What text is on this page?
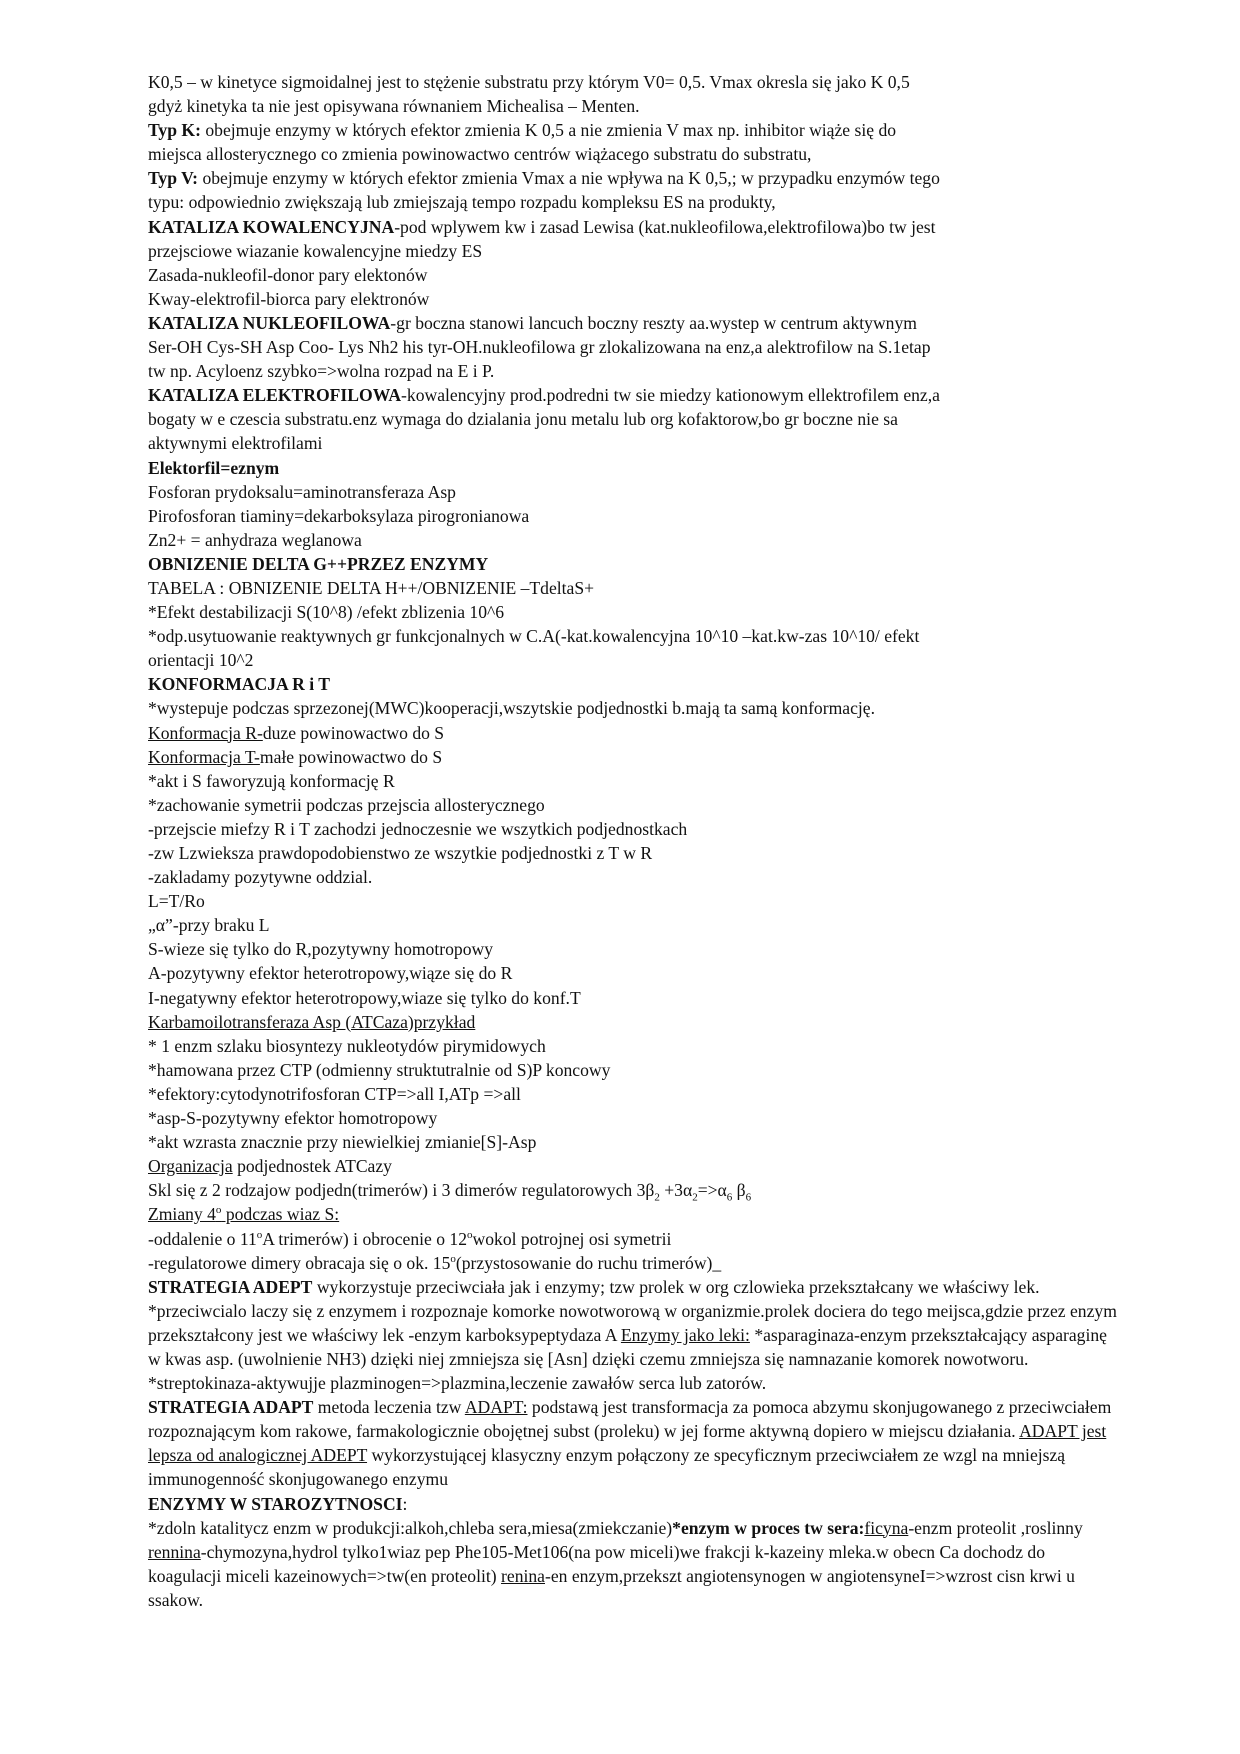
K0,5 – w kinetyce sigmoidalnej jest to stężenie substratu przy którym V0= 0,5. Vmax okresla się jako K 0,5
gdyż kinetyka ta nie jest opisywana równaniem Michealisa – Menten.
Typ K: obejmuje enzymy w których efektor zmienia K 0,5 a nie zmienia V max np. inhibitor wiąże się do
miejsca allosterycznego co zmienia powinowactwo centrów wiążacego substratu do substratu,
Typ V: obejmuje enzymy w których efektor zmienia Vmax a nie wpływa na K 0,5,; w przypadku enzymów tego
typu: odpowiednio zwiększają lub zmiejszają tempo rozpadu kompleksu ES na produkty,
KATALIZA KOWALENCYJNA-pod wplywem kw i zasad Lewisa (kat.nukleofilowa,elektrofilowa)bo tw jest
przejsciowe wiazanie kowalencyjne miedzy ES
Zasada-nukleofil-donor pary elektonów
Kway-elektrofil-biorca pary elektronów
KATALIZA NUKLEOFILOWA-gr boczna stanowi lancuch boczny reszty aa.wystep w centrum aktywnym
Ser-OH Cys-SH Asp Coo- Lys Nh2 his tyr-OH.nukleofilowa gr zlokalizowana na enz,a alektrofilow na S.1etap
tw np. Acyloenz szybko=>wolna rozpad na E i P.
KATALIZA ELEKTROFILOWA-kowalencyjny prod.podredni tw sie miedzy kationowym ellektrofilem enz,a
bogaty w e czescia substratu.enz wymaga do dzialania jonu metalu lub org kofaktorow,bo gr boczne nie sa
aktywnymi elektrofilami
Elektorfil=eznym
Fosforan prydoksalu=aminotransferaza Asp
Pirofosforan tiaminy=dekarboksylaza pirogronianowa
Zn2+ = anhydraza weglanowa
OBNIZENIE DELTA G++PRZEZ ENZYMY
TABELA : OBNIZENIE DELTA H++/OBNIZENIE –TdeltaS+
*Efekt destabilizacji S(10^8) /efekt zblizenia 10^6
*odp.usytuowanie reaktywnych gr funkcjonalnych w C.A(-kat.kowalencyjna 10^10 –kat.kw-zas 10^10/ efekt
orientacji 10^2
KONFORMACJA R i T
*wystepuje podczas sprzezonej(MWC)kooperacji,wszytskie podjednostki b.mają ta samą konformację.
Konformacja R-duze powinowactwo do S
Konformacja T-małe powinowactwo do S
*akt i S faworyzują konformację R
*zachowanie symetrii podczas przejscia allosterycznego
-przejscie miefzy R i T zachodzi jednoczesnie we wszytkich podjednostkach
-zw Lzwieksza prawdopodobienstwo ze wszytkie podjednostki z T w R
-zakladamy pozytywne oddzial.
L=T/Ro
„α”-przy braku L
S-wieze się tylko do R,pozytywny homotropowy
A-pozytywny efektor heterotropowy,wiąze się do R
I-negatywny efektor heterotropowy,wiaze się tylko do konf.T
Karbamoilotransferaza Asp (ATCaza)przykład
* 1 enzm szlaku biosyntezy nukleotydów pirymidowych
*hamowana przez CTP (odmienny struktutralnie od S)P koncowy
*efektory:cytodynotrifosforan CTP=>all I,ATp =>all
*asp-S-pozytywny efektor homotropowy
*akt wzrasta znacznie przy niewielkiej zmianie[S]-Asp
Organizacja podjednostek ATCazy
Skl się z 2 rodzajow podjedn(trimerów) i 3 dimerów regulatorowych $3\beta_2 +3\alpha_2=>\alpha_6$ $\beta_6$
Zmiany 4$^o$ podczas wiaz S:
-oddalenie o 11$^o$A trimerów) i obrocenie o 12$^o$wokol potrojnej osi symetrii
-regulatorowe dimery obracaja się o ok. 15$^o$(przystosowanie do ruchu trimerów)_
STRATEGIA ADEPT wykorzystuje przeciwciała jak i enzymy; tzw prolek w org czlowieka przekształcany we właściwy lek. *przeciwcialo laczy się z enzymem i rozpoznaje komorke nowotworową w organizmie.prolek dociera do tego meijsca,gdzie przez enzym przekształcony jest we właściwy lek -enzym karboksypeptydaza A Enzymy jako leki: *asparaginaza-enzym przekształcający asparaginę w kwas asp. (uwolnienie NH3) dzięki niej zmniejsza się [Asn] dzięki czemu zmniejsza się namnazanie komorek nowotworu. *streptokinaza-aktywujje plazminogen=>plazmina,leczenie zawałów serca lub zatorów.
STRATEGIA ADAPT metoda leczenia tzw ADAPT: podstawą jest transformacja za pomoca abzymu skonjugowanego z przeciwciałem rozpoznającym kom rakowe, farmakologicznie obojętnej subst (proleku) w jej forme aktywną dopiero w miejscu działania. ADAPT jest lepsza od analogicznej ADEPT wykorzystującej klasyczny enzym połączony ze specyficznym przeciwciałem ze wzgl na mniejszą immunogenność skonjugowanego enzymu
ENZYMY W STAROZYTNOSCI:
*zdoln katalitycz enzm w produkcji:alkoh,chleba sera,miesa(zmiekczanie)*enzym w proces tw sera:ficyna-enzm proteolit ,roslinny rennina-chymozyna,hydrol tylko1wiaz pep Phe105-Met106(na pow miceli)we frakcji k-kazeiny mleka.w obecn Ca dochodz do koagulacji miceli kazeinowych=>tw(en proteolit) renina-en enzym,przekszt angiotensynogen w angiotensyneI=>wzrost cisn krwi u ssakow.
